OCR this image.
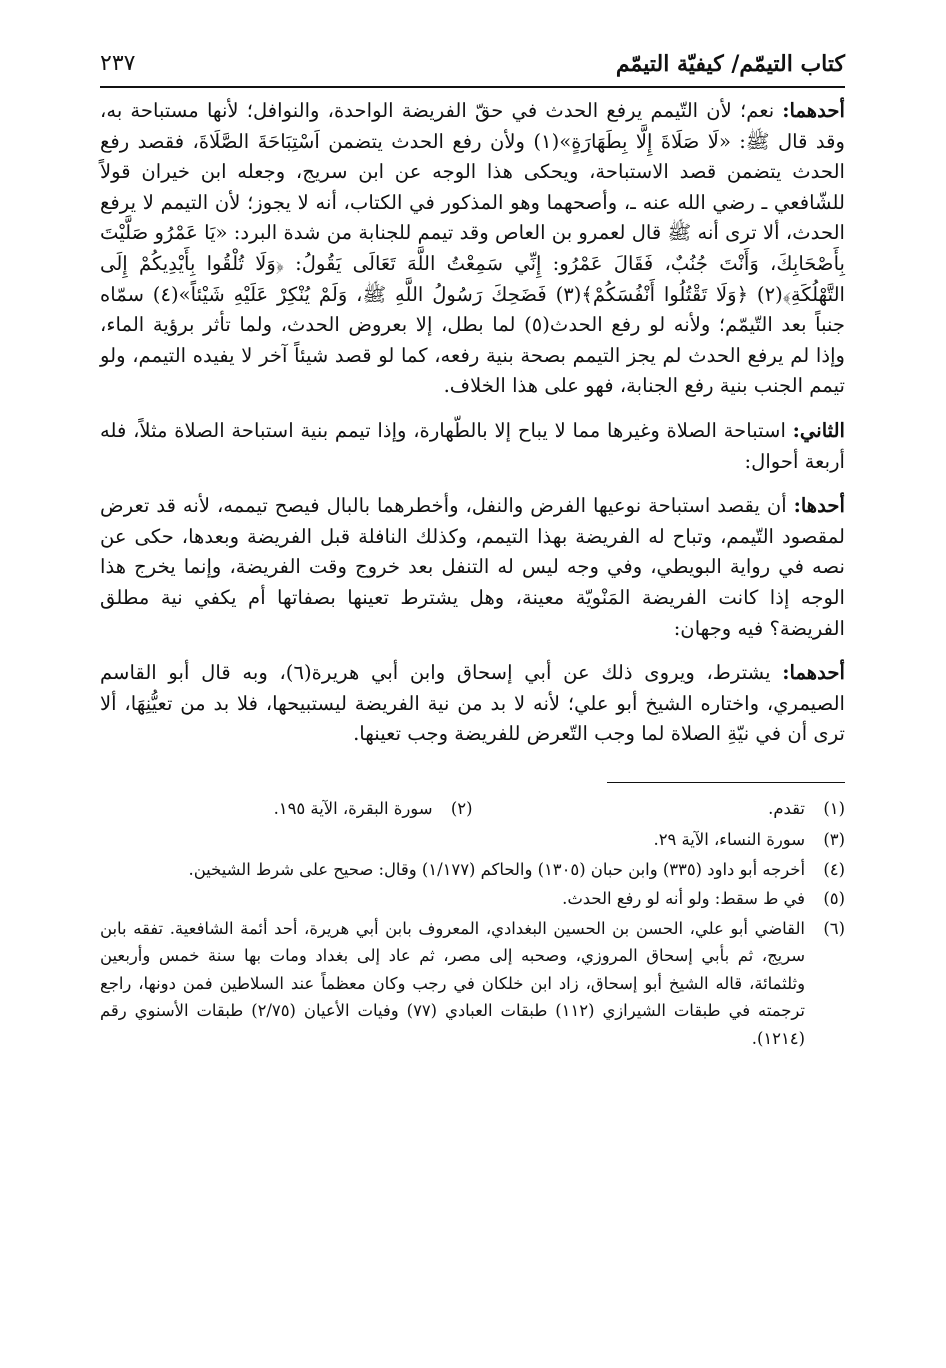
كتاب التيمّم/ كيفيّة التيمّم
٢٣٧

أحدهما: نعم؛ لأن التّيمم يرفع الحدث في حقّ الفريضة الواحدة، والنوافل؛ لأنها مستباحة به، وقد قال ﷺ: «لَا صَلَاةَ إِلَّا بِطَهَارَةٍ»(١) ولأن رفع الحدث يتضمن اَسْتِبَاحَةَ الصَّلَاةَ، فقصد رفع الحدث يتضمن قصد الاستباحة، ويحكى هذا الوجه عن ابن سريج، وجعله ابن خيران قولاً للشّافعي ـ رضي الله عنه ـ، وأصحهما وهو المذكور في الكتاب، أنه لا يجوز؛ لأن التيمم لا يرفع الحدث، ألا ترى أنه ﷺ قال لعمرو بن العاص وقد تيمم للجنابة من شدة البرد: «يَا عَمْرُو صَلَّيْتَ بِأَصْحَابِكَ، وَأَنْتَ جُنُبٌ، فَقَالَ عَمْرُو: إِنِّي سَمِعْتُ اللَّهَ تَعَالَى يَقُولُ: ﴿وَلَا تُلْقُوا بِأَيْدِيكُمْ إِلَى التَّهْلُكَةِ﴾(٢) ﴿وَلَا تَقْتُلُوا أَنْفُسَكُمْ﴾(٣) فَضَحِكَ رَسُولُ اللَّهِ ﷺ، وَلَمْ يُنْكِرْ عَلَيْهِ شَيْئاً»(٤) سمّاه جنباً بعد التّيمّم؛ ولأنه لو رفع الحدث(٥) لما بطل، إلا بعروض الحدث، ولما تأثر برؤية الماء، وإذا لم يرفع الحدث لم يجز التيمم بصحة بنية رفعه، كما لو قصد شيئاً آخر لا يفيده التيمم، ولو تيمم الجنب بنية رفع الجنابة، فهو على هذا الخلاف.

الثاني: استباحة الصلاة وغيرها مما لا يباح إلا بالطّهارة، وإذا تيمم بنية استباحة الصلاة مثلاً، فله أربعة أحوال:

أحدها: أن يقصد استباحة نوعيها الفرض والنفل، وأخطرهما بالبال فيصح تيممه، لأنه قد تعرض لمقصود التّيمم، وتباح له الفريضة بهذا التيمم، وكذلك النافلة قبل الفريضة وبعدها، حكى عن نصه في رواية البويطي، وفي وجه ليس له التنفل بعد خروج وقت الفريضة، وإنما يخرج هذا الوجه إذا كانت الفريضة المَنْويّة معينة، وهل يشترط تعينها بصفاتها أم يكفي نية مطلق الفريضة؟ فيه وجهان:

أحدهما: يشترط، ويروى ذلك عن أبي إسحاق وابن أبي هريرة(٦)، وبه قال أبو القاسم الصيمري، واختاره الشيخ أبو علي؛ لأنه لا بد من نية الفريضة ليستبيحها، فلا بد من تعيُّنِهَا، ألا ترى أن في نيّةِ الصلاة لما وجب التّعرض للفريضة وجب تعينها.

(١)
تقدم.
(٢)
سورة البقرة، الآية ١٩٥.
(٣)
سورة النساء، الآية ٢٩.
(٤)
أخرجه أبو داود (٣٣٥) وابن حبان (١٣٠٥) والحاكم (١/١٧٧) وقال: صحيح على شرط الشيخين.
(٥)
في ط سقط: ولو أنه لو رفع الحدث.
(٦)
القاضي أبو علي، الحسن بن الحسين البغدادي، المعروف بابن أبي هريرة، أحد أئمة الشافعية. تفقه بابن سريج، ثم بأبي إسحاق المروزي، وصحبه إلى مصر، ثم عاد إلى بغداد ومات بها سنة خمس وأربعين وثلثمائة، قاله الشيخ أبو إسحاق، زاد ابن خلكان في رجب وكان معظماً عند السلاطين فمن دونها، راجع ترجمته في طبقات الشيرازي (١١٢) طبقات العبادي (٧٧) وفيات الأعيان (٢/٧٥) طبقات الأسنوي رقم (١٢١٤).
